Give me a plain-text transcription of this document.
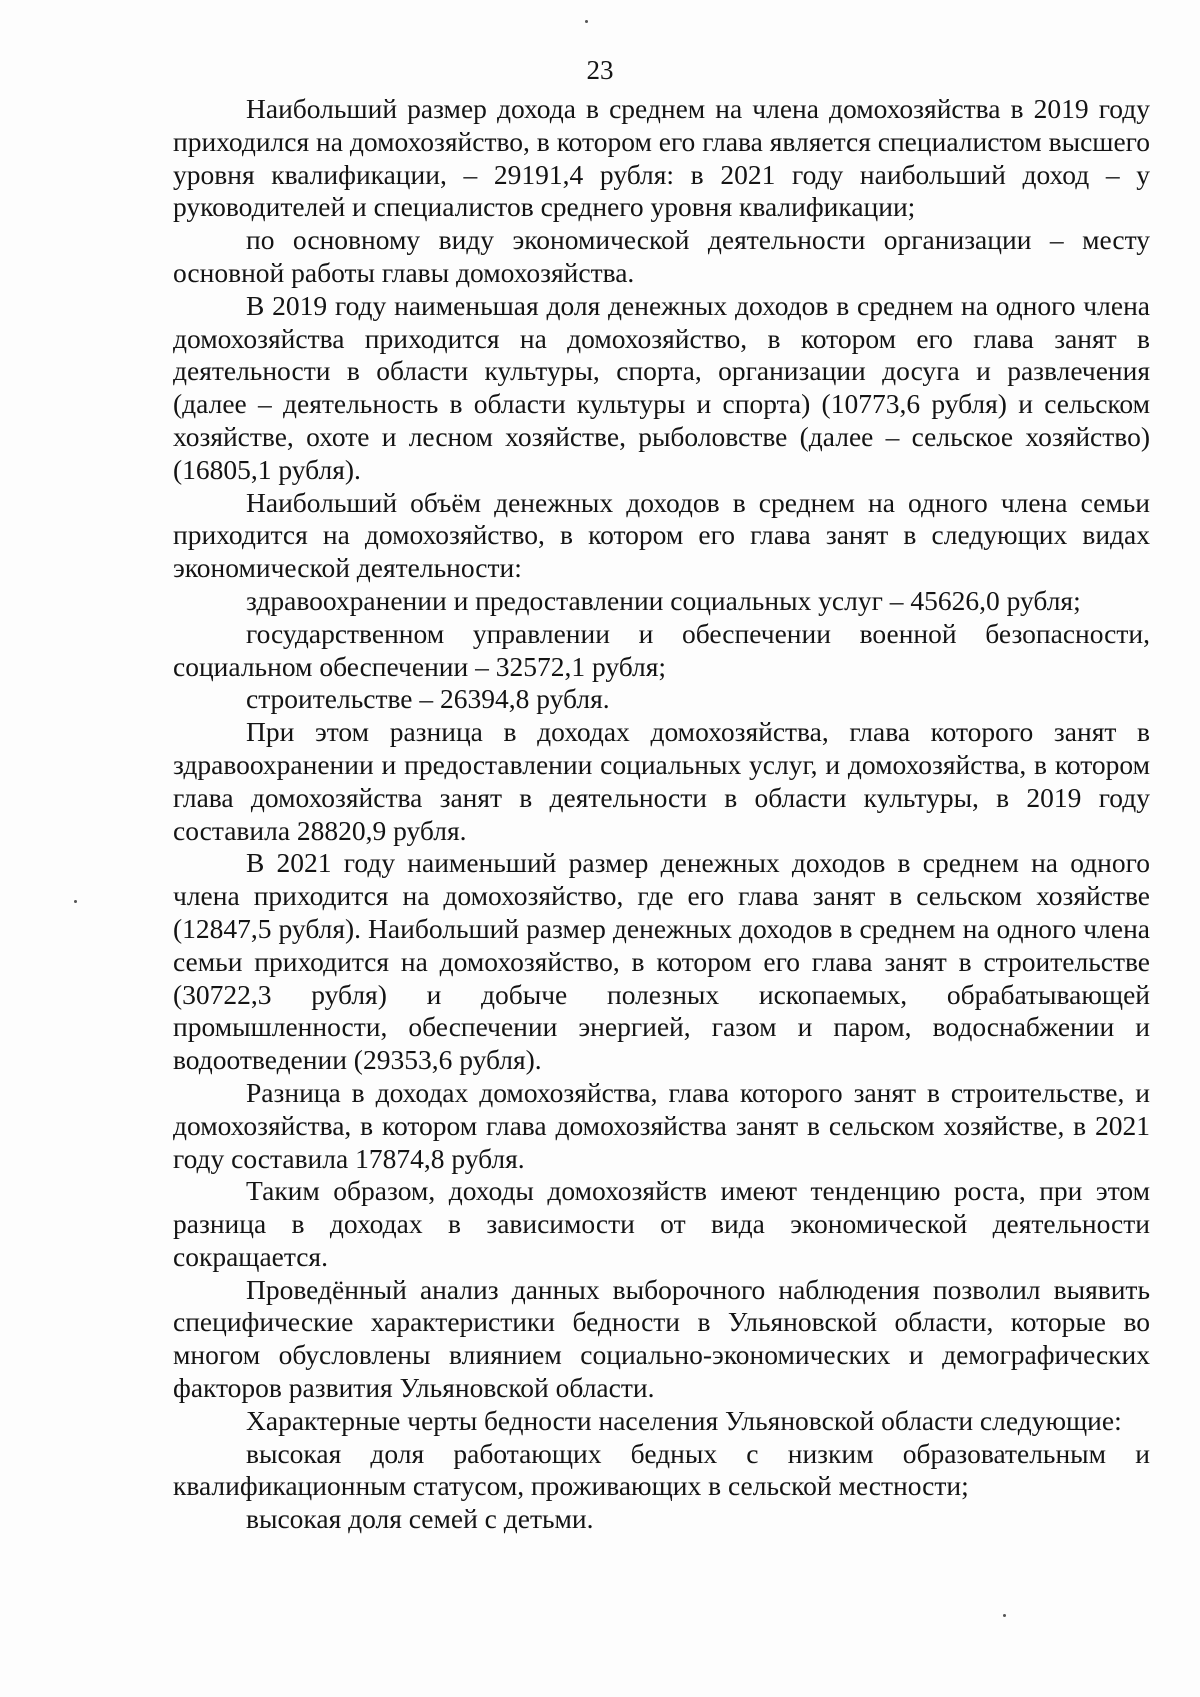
23

Наибольший размер дохода в среднем на члена домохозяйства в 2019 году приходился на домохозяйство, в котором его глава является специалистом высшего уровня квалификации, – 29191,4 рубля: в 2021 году наибольший доход – у руководителей и специалистов среднего уровня квалификации;

по основному виду экономической деятельности организации – месту основной работы главы домохозяйства.

В 2019 году наименьшая доля денежных доходов в среднем на одного члена домохозяйства приходится на домохозяйство, в котором его глава занят в деятельности в области культуры, спорта, организации досуга и развлечения (далее – деятельность в области культуры и спорта) (10773,6 рубля) и сельском хозяйстве, охоте и лесном хозяйстве, рыболовстве (далее – сельское хозяйство) (16805,1 рубля).

Наибольший объём денежных доходов в среднем на одного члена семьи приходится на домохозяйство, в котором его глава занят в следующих видах экономической деятельности:

здравоохранении и предоставлении социальных услуг – 45626,0 рубля;

государственном управлении и обеспечении военной безопасности, социальном обеспечении – 32572,1 рубля;

строительстве – 26394,8 рубля.

При этом разница в доходах домохозяйства, глава которого занят в здравоохранении и предоставлении социальных услуг, и домохозяйства, в котором глава домохозяйства занят в деятельности в области культуры, в 2019 году составила 28820,9 рубля.

В 2021 году наименьший размер денежных доходов в среднем на одного члена приходится на домохозяйство, где его глава занят в сельском хозяйстве (12847,5 рубля). Наибольший размер денежных доходов в среднем на одного члена семьи приходится на домохозяйство, в котором его глава занят в строительстве (30722,3 рубля) и добыче полезных ископаемых, обрабатывающей промышленности, обеспечении энергией, газом и паром, водоснабжении и водоотведении (29353,6 рубля).

Разница в доходах домохозяйства, глава которого занят в строительстве, и домохозяйства, в котором глава домохозяйства занят в сельском хозяйстве, в 2021 году составила 17874,8 рубля.

Таким образом, доходы домохозяйств имеют тенденцию роста, при этом разница в доходах в зависимости от вида экономической деятельности сокращается.

Проведённый анализ данных выборочного наблюдения позволил выявить специфические характеристики бедности в Ульяновской области, которые во многом обусловлены влиянием социально-экономических и демографических факторов развития Ульяновской области.

Характерные черты бедности населения Ульяновской области следующие:

высокая доля работающих бедных с низким образовательным и квалификационным статусом, проживающих в сельской местности;

высокая доля семей с детьми.
